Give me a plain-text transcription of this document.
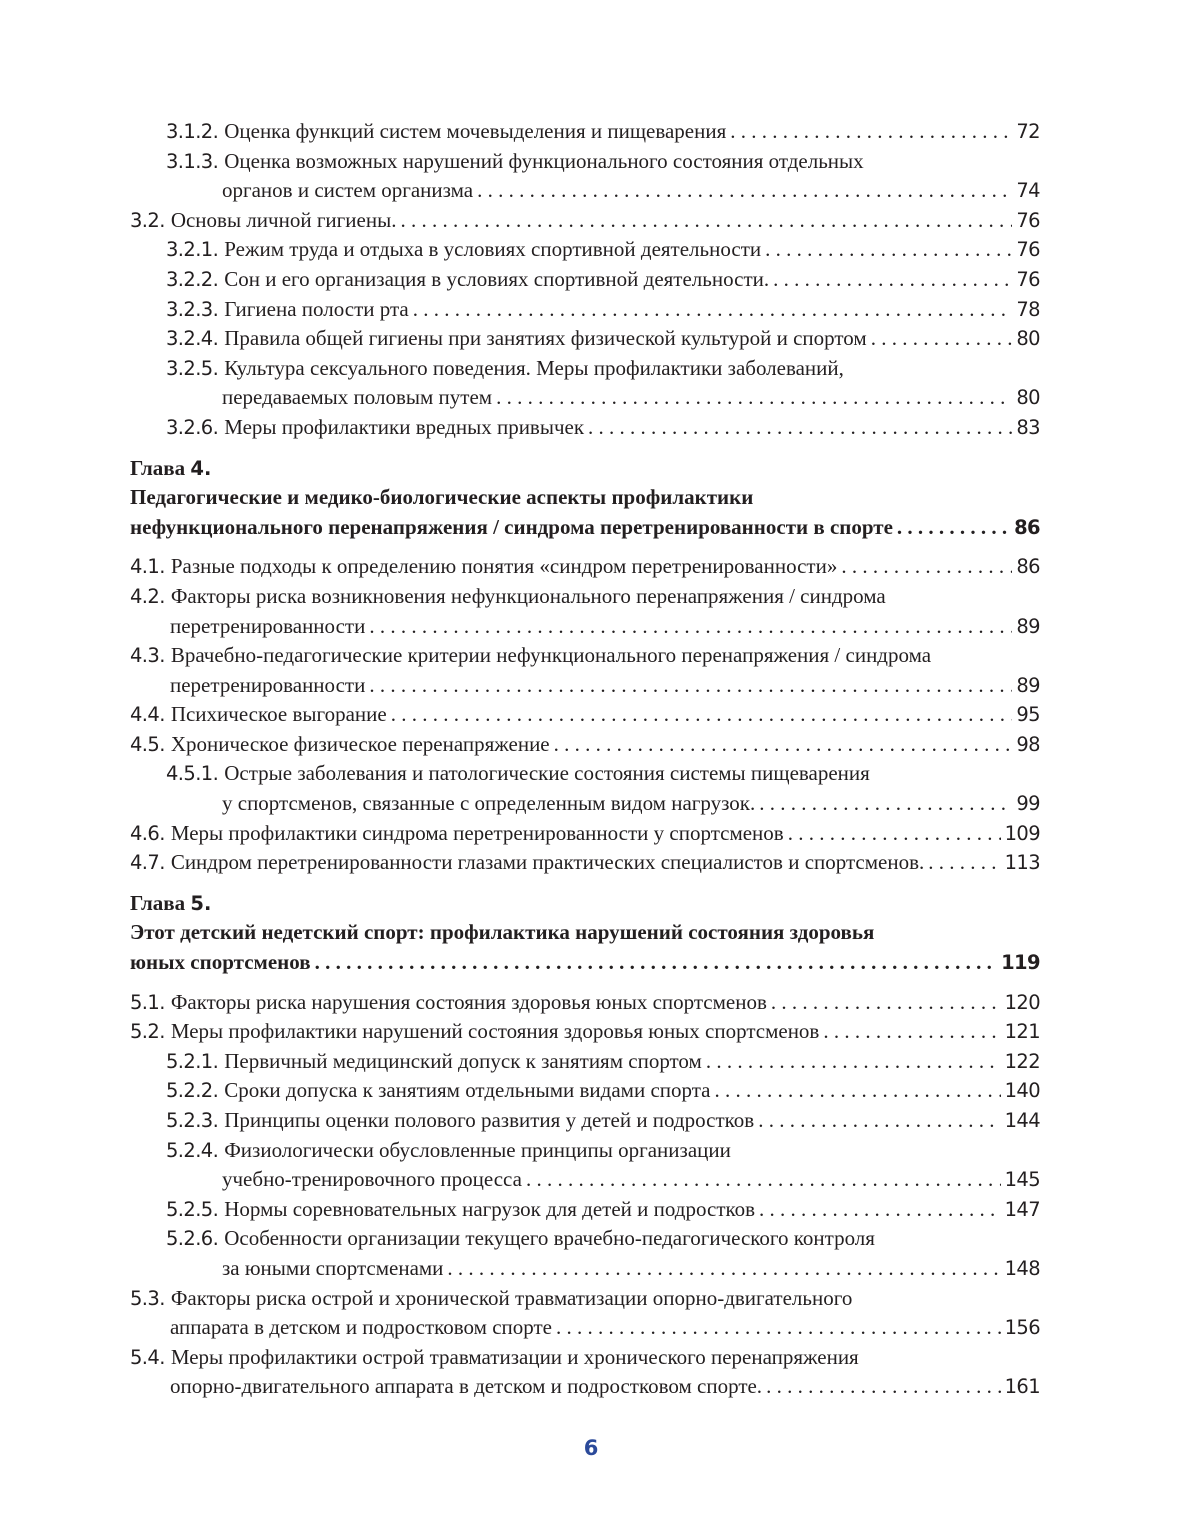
3.1.2. Оценка функций систем мочевыделения и пищеварения . . .	72
3.1.3. Оценка возможных нарушений функционального состояния отдельных
органов и систем организма . . .	74
3.2. Основы личной гигиены. . . .	76
3.2.1. Режим труда и отдыха в условиях спортивной деятельности . . .	76
3.2.2. Сон и его организация в условиях спортивной деятельности. . . .	76
3.2.3. Гигиена полости рта . . .	78
3.2.4. Правила общей гигиены при занятиях физической культурой и спортом . . .	80
3.2.5. Культура сексуального поведения. Меры профилактики заболеваний,
передаваемых половым путем . . .	80
3.2.6. Меры профилактики вредных привычек . . .	83
Глава 4.
Педагогические и медико-биологические аспекты профилактики
нефункционального перенапряжения / синдрома перетренированности в спорте . . .	86
4.1. Разные подходы к определению понятия «синдром перетренированности» . . .	86
4.2. Факторы риска возникновения нефункционального перенапряжения / синдрома
перетренированности . . .	89
4.3. Врачебно-педагогические критерии нефункционального перенапряжения / синдрома
перетренированности . . .	89
4.4. Психическое выгорание . . .	95
4.5. Хроническое физическое перенапряжение . . .	98
4.5.1. Острые заболевания и патологические состояния системы пищеварения
у спортсменов, связанные с определенным видом нагрузок. . . .	99
4.6. Меры профилактики синдрома перетренированности у спортсменов . . .	109
4.7. Синдром перетренированности глазами практических специалистов и спортсменов. . . .	113
Глава 5.
Этот детский недетский спорт: профилактика нарушений состояния здоровья
юных спортсменов . . .	119
5.1. Факторы риска нарушения состояния здоровья юных спортсменов . . .	120
5.2. Меры профилактики нарушений состояния здоровья юных спортсменов . . .	121
5.2.1. Первичный медицинский допуск к занятиям спортом . . .	122
5.2.2. Сроки допуска к занятиям отдельными видами спорта . . .	140
5.2.3. Принципы оценки полового развития у детей и подростков . . .	144
5.2.4. Физиологически обусловленные принципы организации
учебно-тренировочного процесса . . .	145
5.2.5. Нормы соревновательных нагрузок для детей и подростков . . .	147
5.2.6. Особенности организации текущего врачебно-педагогического контроля
за юными спортсменами . . .	148
5.3. Факторы риска острой и хронической травматизации опорно-двигательного
аппарата в детском и подростковом спорте . . .	156
5.4. Меры профилактики острой травматизации и хронического перенапряжения
опорно-двигательного аппарата в детском и подростковом спорте. . . .	161
6
